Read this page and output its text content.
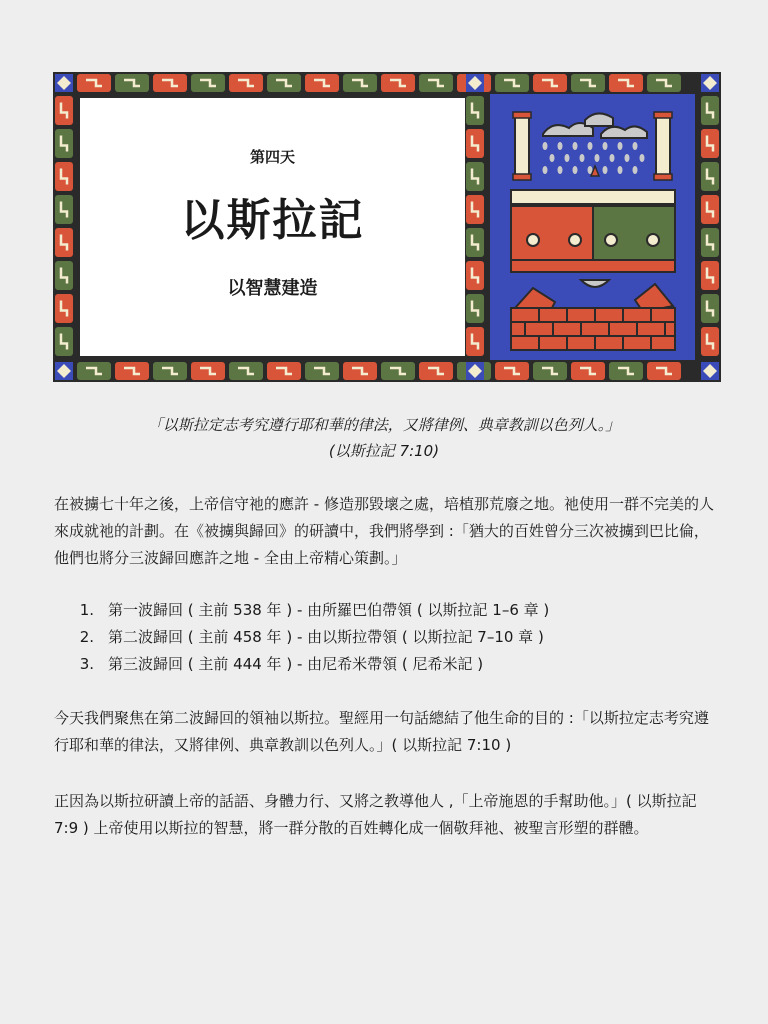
第四天
以斯拉記
以智慧建造
「以斯拉定志考究遵行耶和華的律法，又將律例、典章教訓以色列人。」
(以斯拉記 7:10)

在被擄七十年之後，上帝信守祂的應許 - 修造那毀壞之處，培植那荒廢之地。祂使用一群不完美的人來成就祂的計劃。在《被擄與歸回》的研讀中，我們將學到 :「猶大的百姓曾分三次被擄到巴比倫，他們也將分三波歸回應許之地 - 全由上帝精心策劃。」

1. 第一波歸回 ( 主前 538 年 ) - 由所羅巴伯帶領 ( 以斯拉記 1–6 章 )
2. 第二波歸回 ( 主前 458 年 ) - 由以斯拉帶領 ( 以斯拉記 7–10 章 )
3. 第三波歸回 ( 主前 444 年 ) - 由尼希米帶領 ( 尼希米記 )

今天我們聚焦在第二波歸回的領袖以斯拉。聖經用一句話總結了他生命的目的 :「以斯拉定志考究遵行耶和華的律法，又將律例、典章教訓以色列人。」( 以斯拉記 7:10 )

正因為以斯拉研讀上帝的話語、身體力行、又將之教導他人 ,「上帝施恩的手幫助他。」( 以斯拉記 7:9 ) 上帝使用以斯拉的智慧，將一群分散的百姓轉化成一個敬拜祂、被聖言形塑的群體。
